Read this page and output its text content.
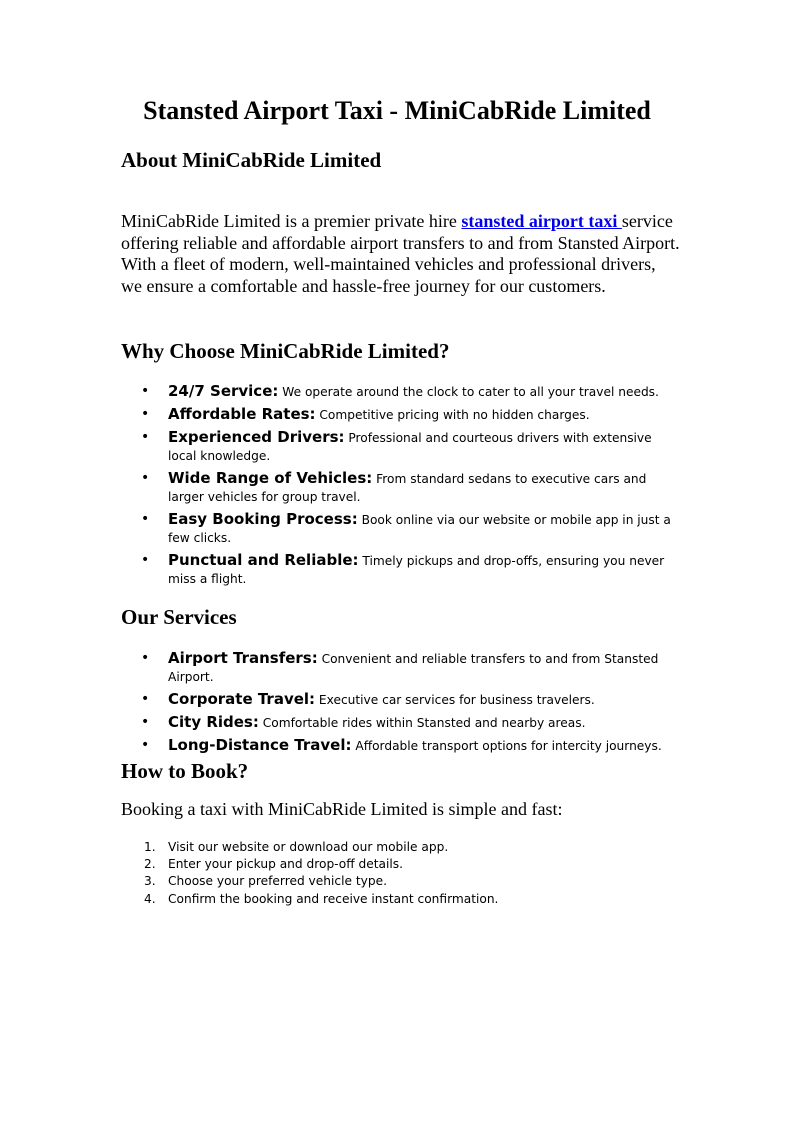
Stansted Airport Taxi - MiniCabRide Limited
About MiniCabRide Limited

MiniCabRide Limited is a premier private hire stansted airport taxi service offering reliable and affordable airport transfers to and from Stansted Airport. With a fleet of modern, well-maintained vehicles and professional drivers, we ensure a comfortable and hassle-free journey for our customers.

Why Choose MiniCabRide Limited?
• 24/7 Service: We operate around the clock to cater to all your travel needs.
• Affordable Rates: Competitive pricing with no hidden charges.
• Experienced Drivers: Professional and courteous drivers with extensive local knowledge.
• Wide Range of Vehicles: From standard sedans to executive cars and larger vehicles for group travel.
• Easy Booking Process: Book online via our website or mobile app in just a few clicks.
• Punctual and Reliable: Timely pickups and drop-offs, ensuring you never miss a flight.
Our Services
• Airport Transfers: Convenient and reliable transfers to and from Stansted Airport.
• Corporate Travel: Executive car services for business travelers.
• City Rides: Comfortable rides within Stansted and nearby areas.
• Long-Distance Travel: Affordable transport options for intercity journeys.
How to Book?

Booking a taxi with MiniCabRide Limited is simple and fast:

1. Visit our website or download our mobile app.
2. Enter your pickup and drop-off details.
3. Choose your preferred vehicle type.
4. Confirm the booking and receive instant confirmation.
